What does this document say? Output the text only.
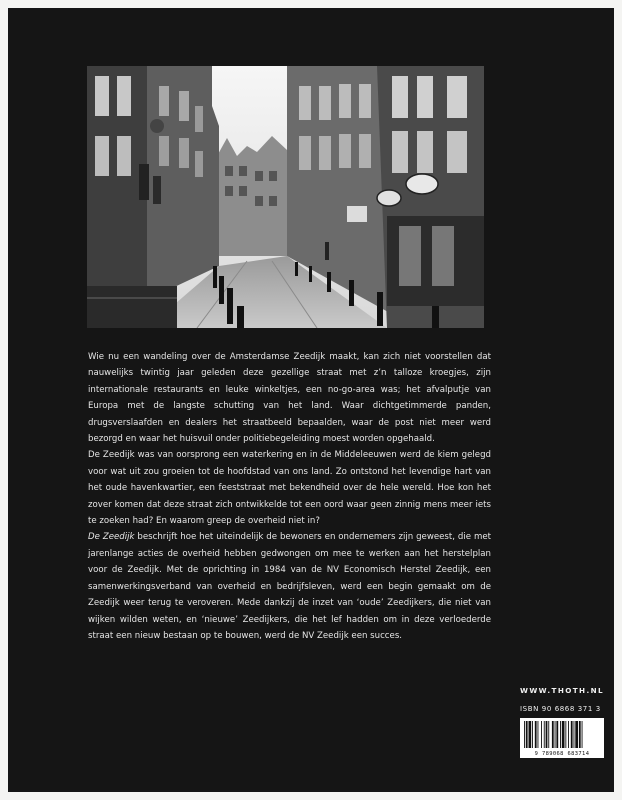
Wie nu een wandeling over de Amsterdamse Zeedijk maakt, kan zich niet voorstellen dat nauwelijks twintig jaar geleden deze gezellige straat met z’n talloze kroegjes, zijn internationale restaurants en leuke winkeltjes, een no-go-area was; het afvalputje van Europa met de langste schutting van het land. Waar dichtgetimmerde panden, drugsverslaafden en dealers het straatbeeld bepaalden, waar de post niet meer werd bezorgd en waar het huisvuil onder politiebegeleiding moest worden opgehaald.

De Zeedijk was van oorsprong een waterkering en in de Middeleeuwen werd de kiem gelegd voor wat uit zou groeien tot de hoofdstad van ons land. Zo ontstond het levendige hart van het oude havenkwartier, een feeststraat met bekendheid over de hele wereld. Hoe kon het zover komen dat deze straat zich ontwikkelde tot een oord waar geen zinnig mens meer iets te zoeken had? En waarom greep de overheid niet in?

De Zeedijk beschrijft hoe het uiteindelijk de bewoners en ondernemers zijn geweest, die met jarenlange acties de overheid hebben gedwongen om mee te werken aan het herstelplan voor de Zeedijk. Met de oprichting in 1984 van de NV Economisch Herstel Zeedijk, een samenwerkingsverband van overheid en bedrijfsleven, werd een begin gemaakt om de Zeedijk weer terug te veroveren. Mede dankzij de inzet van ‘oude’ Zeedijkers, die niet van wijken wilden weten, en ‘nieuwe’ Zeedijkers, die het lef hadden om in deze verloederde straat een nieuw bestaan op te bouwen, werd de NV Zeedijk een succes.

WWW.THOTH.NL
ISBN 90 6868 371 3
9 789068 683714
